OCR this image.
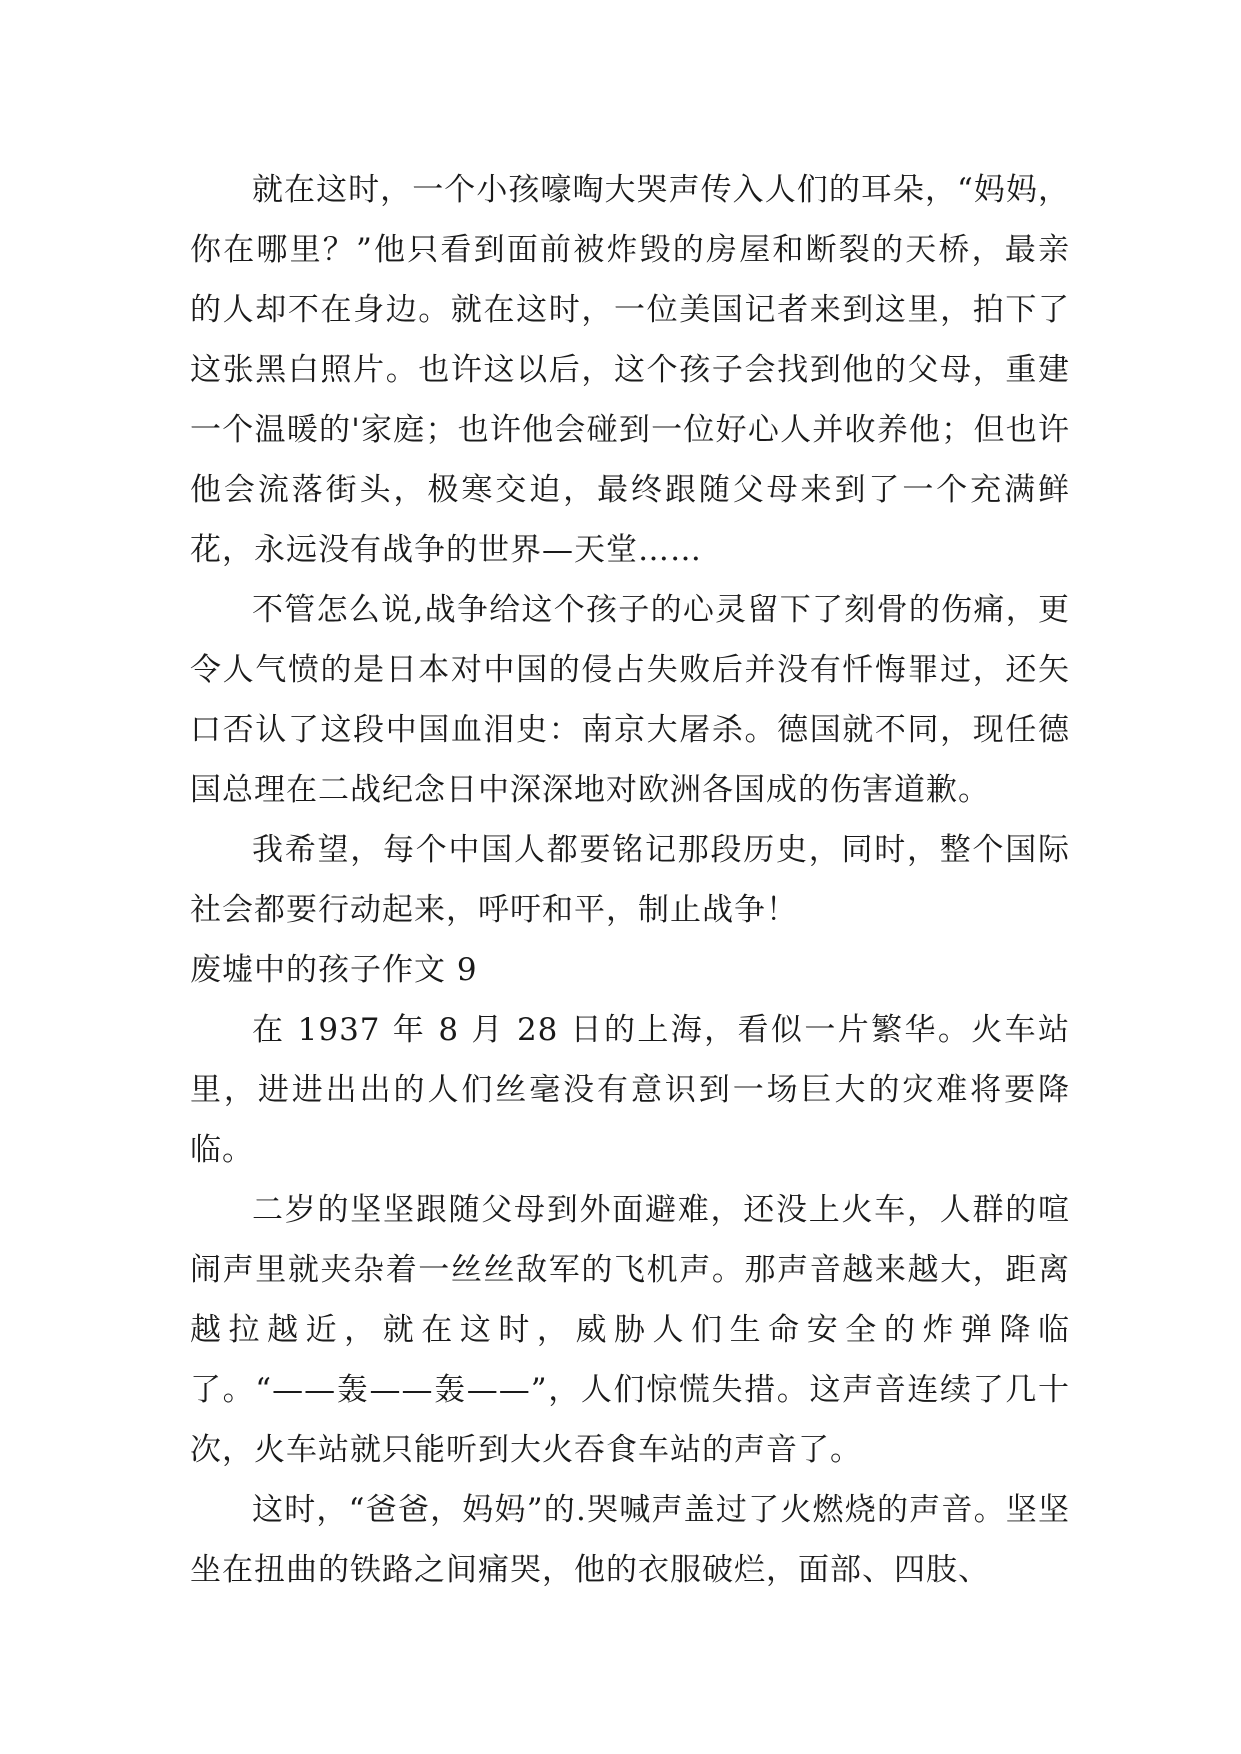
就在这时，一个小孩嚎啕大哭声传入人们的耳朵，“妈妈，你在哪里？”他只看到面前被炸毁的房屋和断裂的天桥，最亲的人却不在身边。就在这时，一位美国记者来到这里，拍下了这张黑白照片。也许这以后，这个孩子会找到他的父母，重建一个温暖的'家庭；也许他会碰到一位好心人并收养他；但也许他会流落街头，极寒交迫，最终跟随父母来到了一个充满鲜花，永远没有战争的世界—天堂……

不管怎么说,战争给这个孩子的心灵留下了刻骨的伤痛，更令人气愤的是日本对中国的侵占失败后并没有忏悔罪过，还矢口否认了这段中国血泪史：南京大屠杀。德国就不同，现任德国总理在二战纪念日中深深地对欧洲各国成的伤害道歉。

我希望，每个中国人都要铭记那段历史，同时，整个国际社会都要行动起来，呼吁和平，制止战争！

废墟中的孩子作文 9

在 1937 年 8 月 28 日的上海，看似一片繁华。火车站里，进进出出的人们丝毫没有意识到一场巨大的灾难将要降临。

二岁的坚坚跟随父母到外面避难，还没上火车，人群的喧闹声里就夹杂着一丝丝敌军的飞机声。那声音越来越大，距离越拉越近，就在这时，威胁人们生命安全的炸弹降临了。“——轰——轰——”，人们惊慌失措。这声音连续了几十次，火车站就只能听到大火吞食车站的声音了。

这时，“爸爸，妈妈”的.哭喊声盖过了火燃烧的声音。坚坚坐在扭曲的铁路之间痛哭，他的衣服破烂，面部、四肢、
